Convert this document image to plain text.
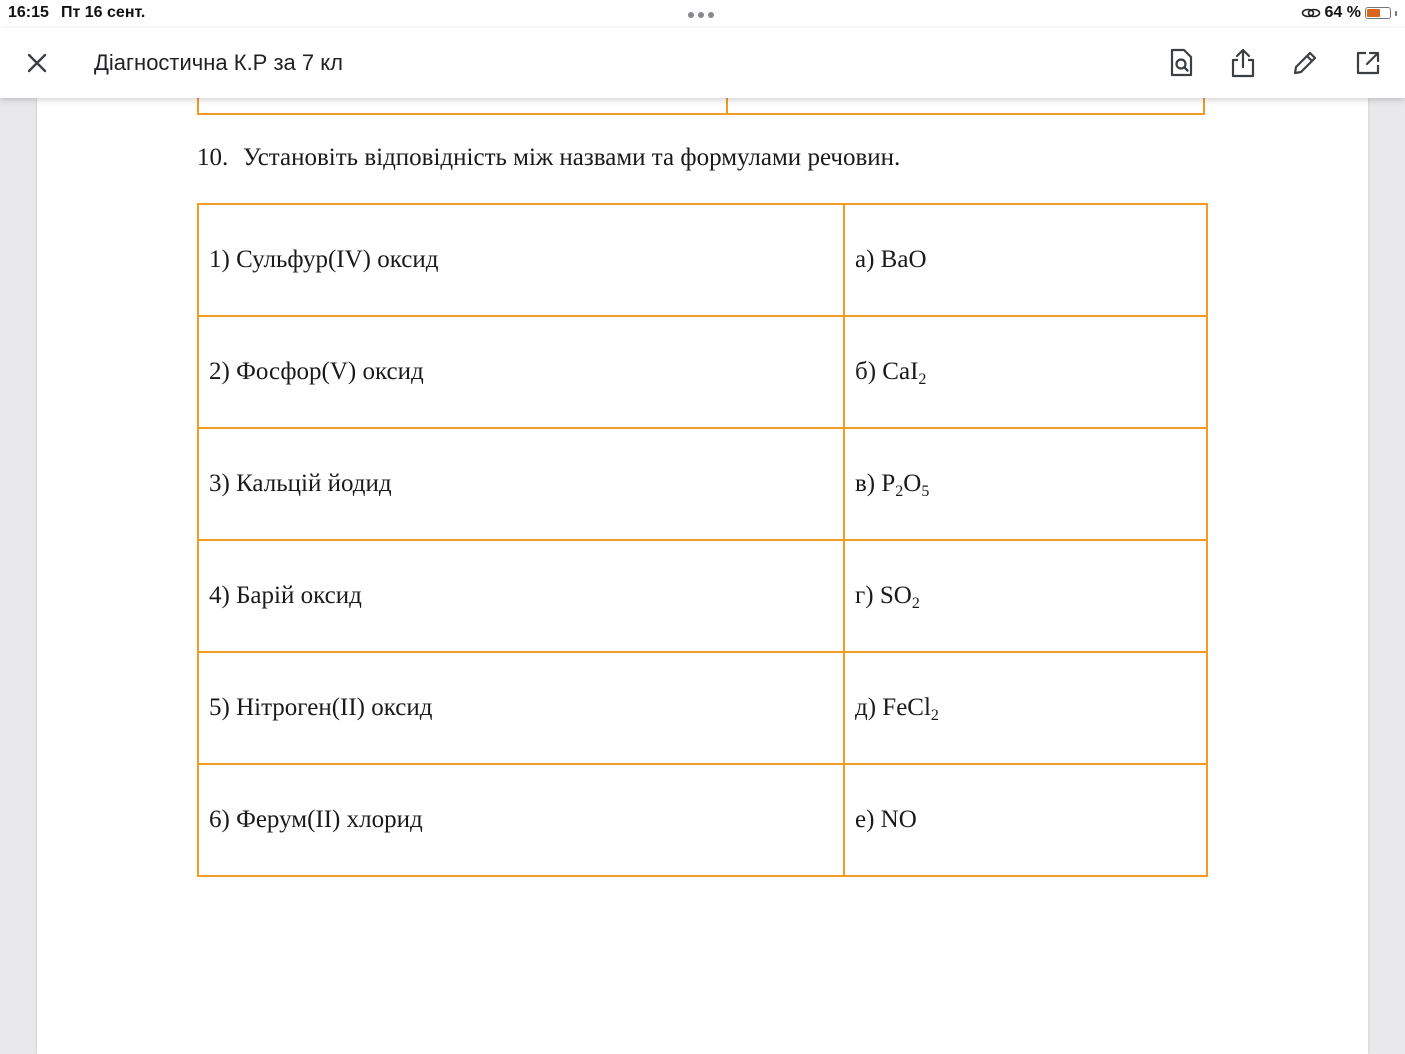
16:15 Пт 16 сент.	64 %
Діагностична К.Р за 7 кл
10. Установіть відповідність між назвами та формулами речовин.
1) Сульфур(IV) оксид	а) BaO
2) Фосфор(V) оксид	б) CaI$_2$
3) Кальцій йодид	в) $P_2O_5$
4) Барій оксид	г) $SO_2$
5) Нітроген(II) оксид	д) FeCl$_2$
6) Ферум(II) хлорид	е) NO
